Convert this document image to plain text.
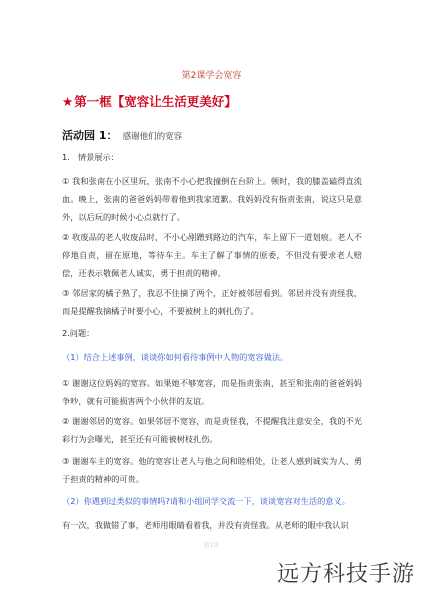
第2课学会宽容
★第一框【宽容让生活更美好】
活动园 1： 感谢他们的宽容
1.　情景展示：
① 我和张南在小区里玩，张南不小心把我撞倒在台阶上。顿时，我的膝盖磕得直流血。晚上，张南的爸爸妈妈带着他到我家道歉。我妈妈没有指责张南，说这只是意外，以后玩的时候小心点就行了。
② 收废品的老人收废品时，不小心剐蹭到路边的汽车，车上留下一道划痕。老人不停地自责，留在原地，等待车主。车主了解了事情的原委，不但没有要求老人赔偿，还表示敬佩老人诚实，勇于担责的精神。
③ 邻居家的橘子熟了，我忍不住摘了两个，正好被邻居看到。邻居并没有责怪我，而是提醒我摘橘子时要小心，不要被树上的刺扎伤了。
2.问题：
（1）结合上述事例，谈谈你如何看待事例中人物的宽容做法。
① 谢谢这位妈妈的宽容。如果她不够宽容，而是指责张南，甚至和张南的爸爸妈妈争吵，就有可能损害两个小伙伴的友谊。
② 谢谢邻居的宽容。如果邻居不宽容，而是责怪我，不提醒我注意安全，我的不光彩行为会曝光，甚至还有可能被树枝扎伤。
③ 谢谢车主的宽容。他的宽容让老人与他之间和睦相处，让老人感到诚实为人、勇于担责的精神的可贵。
（2）你遇到过类似的事情吗?请和小组同学交流一下，谈谈宽容对生活的意义。
有一次，我做错了事，老师用眼睛看着我，并没有责怪我。从老师的眼中我认识
第1页
远方科技手游
